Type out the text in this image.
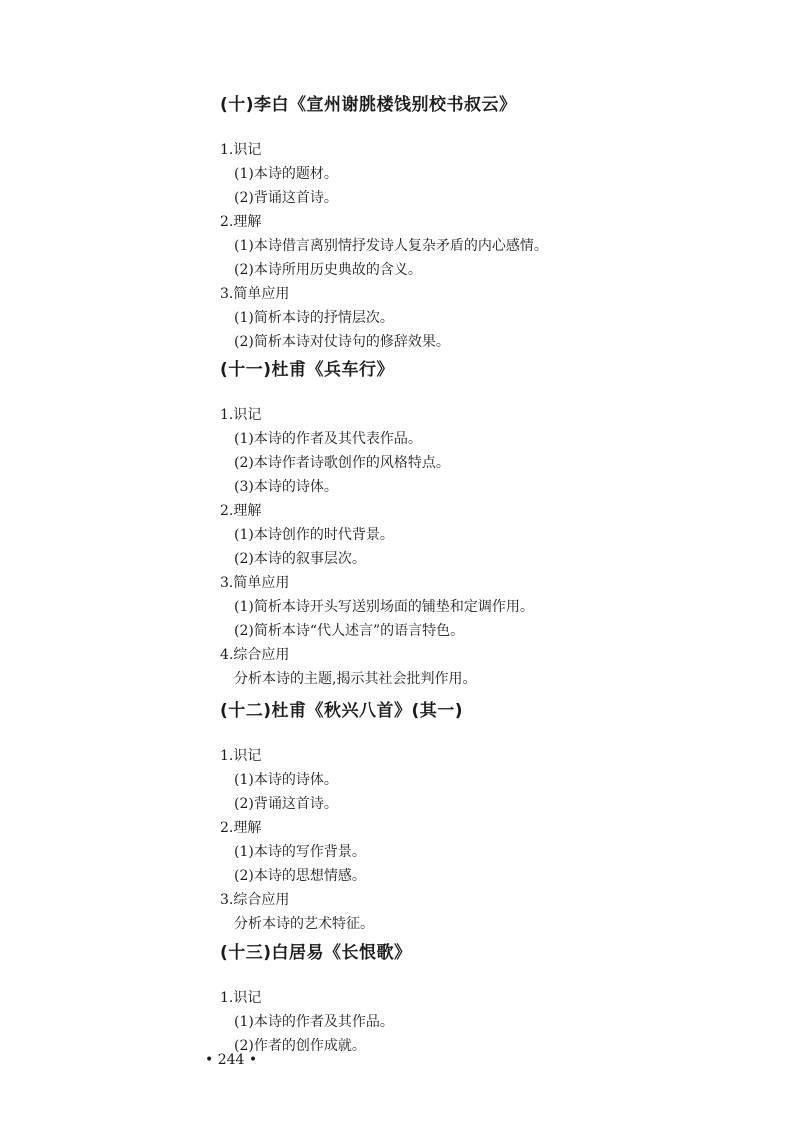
(十)李白《宣州谢朓楼饯别校书叔云》
1.识记
(1)本诗的题材。
(2)背诵这首诗。
2.理解
(1)本诗借言离别情抒发诗人复杂矛盾的内心感情。
(2)本诗所用历史典故的含义。
3.简单应用
(1)简析本诗的抒情层次。
(2)简析本诗对仗诗句的修辞效果。
(十一)杜甫《兵车行》
1.识记
(1)本诗的作者及其代表作品。
(2)本诗作者诗歌创作的风格特点。
(3)本诗的诗体。
2.理解
(1)本诗创作的时代背景。
(2)本诗的叙事层次。
3.简单应用
(1)简析本诗开头写送别场面的铺垫和定调作用。
(2)简析本诗“代人述言”的语言特色。
4.综合应用
分析本诗的主题,揭示其社会批判作用。
(十二)杜甫《秋兴八首》(其一)
1.识记
(1)本诗的诗体。
(2)背诵这首诗。
2.理解
(1)本诗的写作背景。
(2)本诗的思想情感。
3.综合应用
分析本诗的艺术特征。
(十三)白居易《长恨歌》
1.识记
(1)本诗的作者及其作品。
(2)作者的创作成就。
• 244 •
